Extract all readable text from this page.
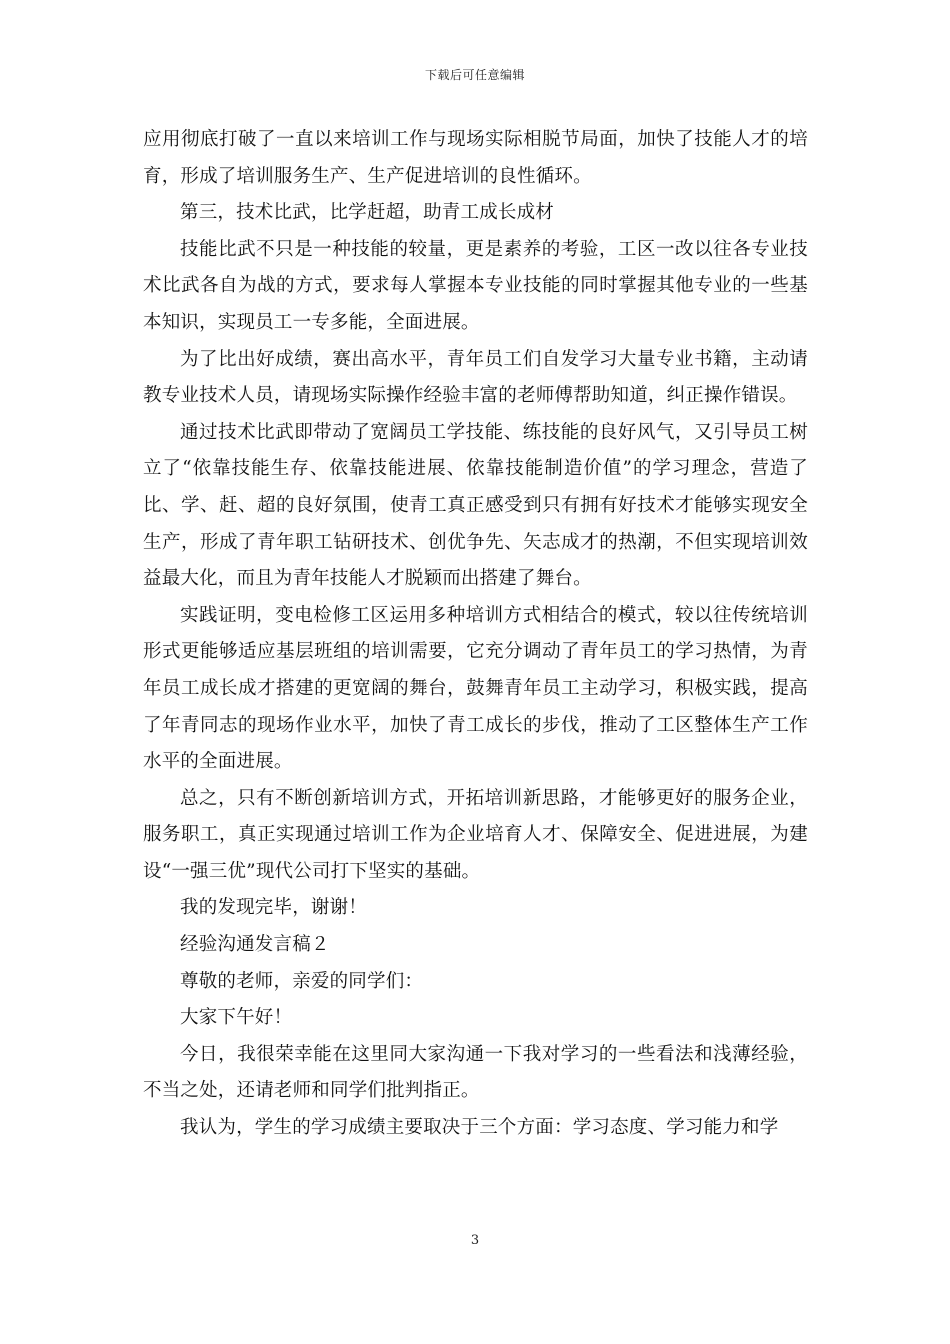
下载后可任意编辑

应用彻底打破了一直以来培训工作与现场实际相脱节局面，加快了技能人才的培育，形成了培训服务生产、生产促进培训的良性循环。

第三，技术比武，比学赶超，助青工成长成材

技能比武不只是一种技能的较量，更是素养的考验，工区一改以往各专业技术比武各自为战的方式，要求每人掌握本专业技能的同时掌握其他专业的一些基本知识，实现员工一专多能，全面进展。

为了比出好成绩，赛出高水平，青年员工们自发学习大量专业书籍，主动请教专业技术人员，请现场实际操作经验丰富的老师傅帮助知道，纠正操作错误。

通过技术比武即带动了宽阔员工学技能、练技能的良好风气，又引导员工树立了“依靠技能生存、依靠技能进展、依靠技能制造价值”的学习理念，营造了比、学、赶、超的良好氛围，使青工真正感受到只有拥有好技术才能够实现安全生产，形成了青年职工钻研技术、创优争先、矢志成才的热潮，不但实现培训效益最大化，而且为青年技能人才脱颖而出搭建了舞台。

实践证明，变电检修工区运用多种培训方式相结合的模式，较以往传统培训形式更能够适应基层班组的培训需要，它充分调动了青年员工的学习热情，为青年员工成长成才搭建的更宽阔的舞台，鼓舞青年员工主动学习，积极实践，提高了年青同志的现场作业水平，加快了青工成长的步伐，推动了工区整体生产工作水平的全面进展。

总之，只有不断创新培训方式，开拓培训新思路，才能够更好的服务企业，服务职工，真正实现通过培训工作为企业培育人才、保障安全、促进进展，为建设“一强三优”现代公司打下坚实的基础。

我的发现完毕，谢谢！

经验沟通发言稿２

尊敬的老师，亲爱的同学们：

大家下午好！

今日，我很荣幸能在这里同大家沟通一下我对学习的一些看法和浅薄经验，不当之处，还请老师和同学们批判指正。

我认为，学生的学习成绩主要取决于三个方面：学习态度、学习能力和学

3
